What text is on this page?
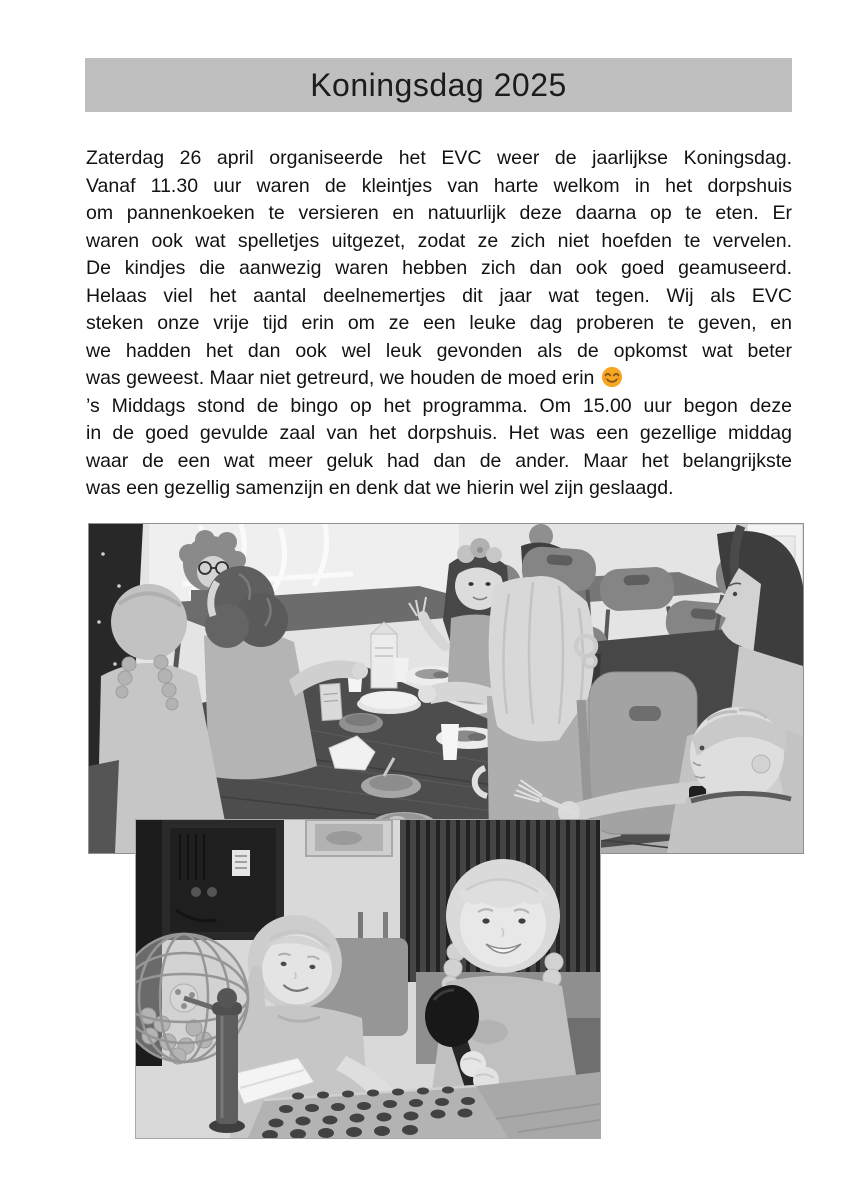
Koningsdag 2025
Zaterdag 26 april organiseerde het EVC weer de jaarlijkse Koningsdag.
Vanaf 11.30 uur waren de kleintjes van harte welkom in het dorpshuis
om pannenkoeken te versieren en natuurlijk deze daarna op te eten. Er
waren ook wat spelletjes uitgezet, zodat ze zich niet hoefden te vervelen.
De kindjes die aanwezig waren hebben zich dan ook goed geamuseerd.
Helaas viel het aantal deelnemertjes dit jaar wat tegen. Wij als EVC
steken onze vrije tijd erin om ze een leuke dag proberen te geven, en
we hadden het dan ook wel leuk gevonden als de opkomst wat beter
was geweest. Maar niet getreurd, we houden de moed erin
’s Middags stond de bingo op het programma. Om 15.00 uur begon deze
in de goed gevulde zaal van het dorpshuis. Het was een gezellige middag
waar de een wat meer geluk had dan de ander. Maar het belangrijkste
was een gezellig samenzijn en denk dat we hierin wel zijn geslaagd.
